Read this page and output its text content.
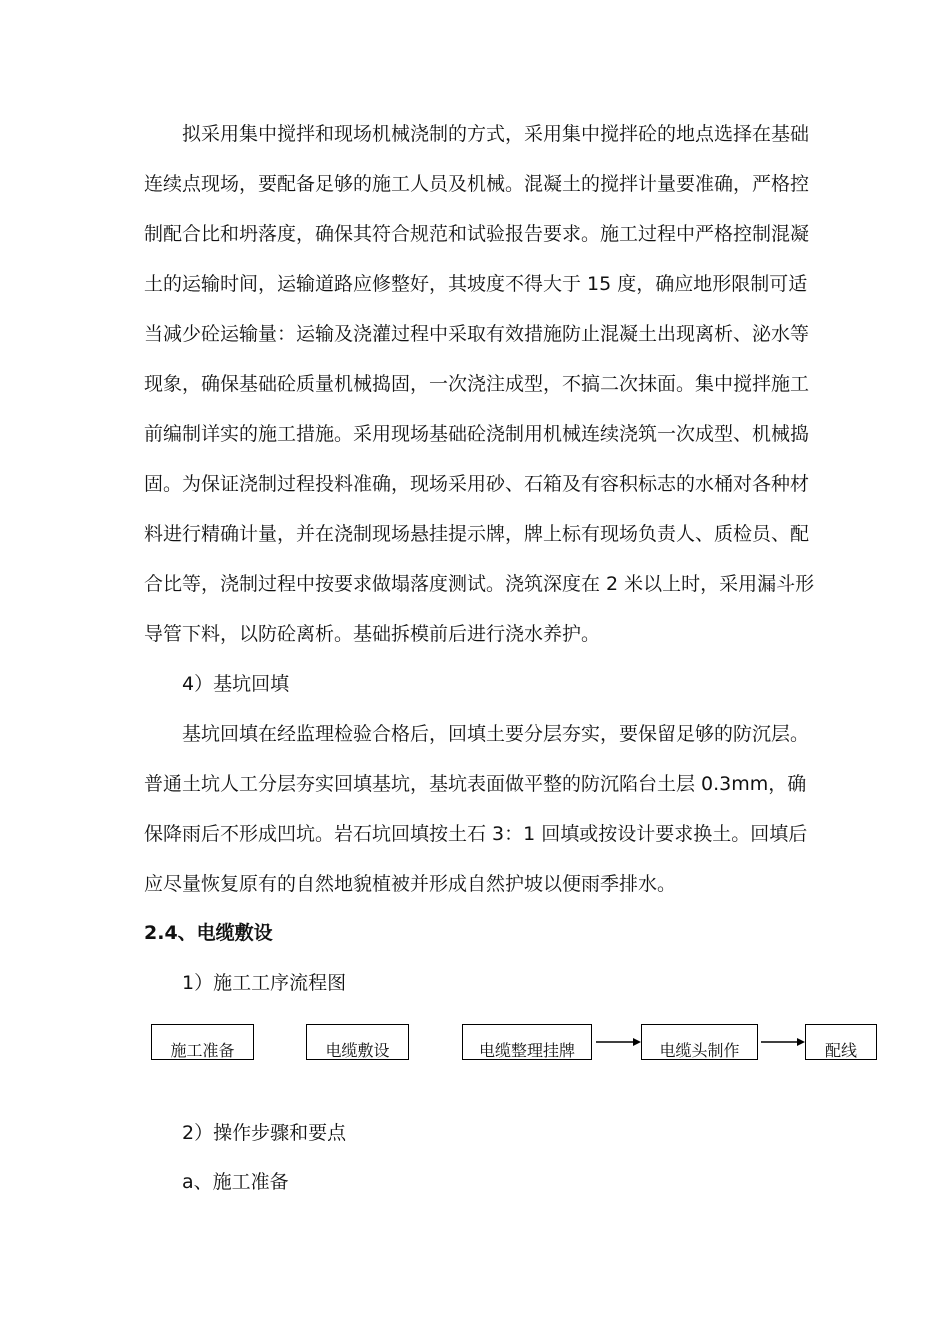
拟采用集中搅拌和现场机械浇制的方式，采用集中搅拌砼的地点选择在基础
连续点现场，要配备足够的施工人员及机械。混凝土的搅拌计量要准确，严格控
制配合比和坍落度，确保其符合规范和试验报告要求。施工过程中严格控制混凝
土的运输时间，运输道路应修整好，其坡度不得大于 15 度，确应地形限制可适
当减少砼运输量：运输及浇灌过程中采取有效措施防止混凝土出现离析、泌水等
现象，确保基础砼质量机械捣固，一次浇注成型，不搞二次抹面。集中搅拌施工
前编制详实的施工措施。采用现场基础砼浇制用机械连续浇筑一次成型、机械捣
固。为保证浇制过程投料准确，现场采用砂、石箱及有容积标志的水桶对各种材
料进行精确计量，并在浇制现场悬挂提示牌，牌上标有现场负责人、质检员、配
合比等，浇制过程中按要求做塌落度测试。浇筑深度在 2 米以上时，采用漏斗形
导管下料，以防砼离析。基础拆模前后进行浇水养护。
4）基坑回填
基坑回填在经监理检验合格后，回填土要分层夯实，要保留足够的防沉层。
普通土坑人工分层夯实回填基坑，基坑表面做平整的防沉陷台土层 0.3mm，确
保降雨后不形成凹坑。岩石坑回填按土石 3：1 回填或按设计要求换土。回填后
应尽量恢复原有的自然地貌植被并形成自然护坡以便雨季排水。
2.4、电缆敷设
1）施工工序流程图
施工准备	电缆敷设	电缆整理挂牌	电缆头制作	配线
2）操作步骤和要点
a、施工准备
